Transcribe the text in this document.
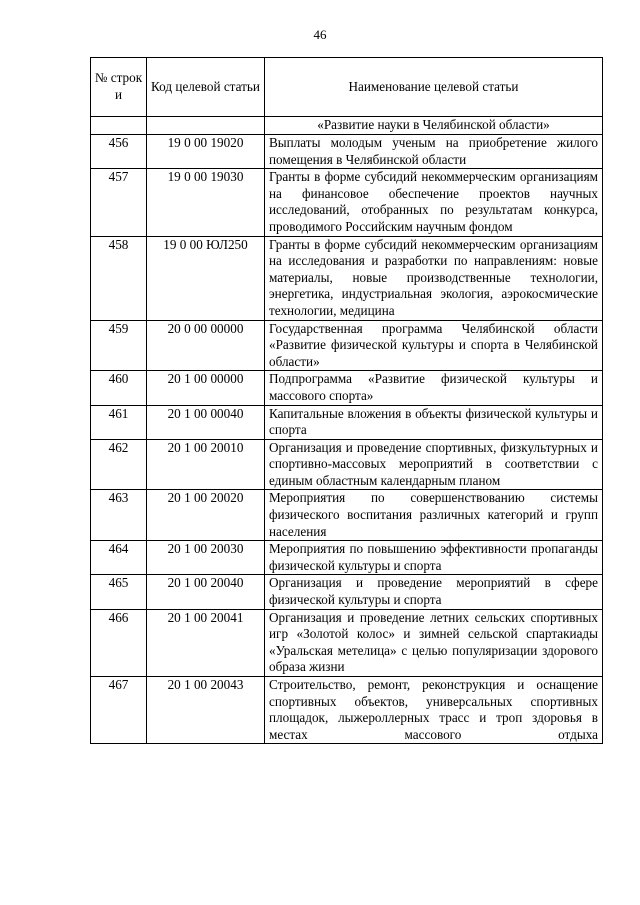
46
№ строк и	Код целевой статьи	Наименование целевой статьи
		«Развитие науки в Челябинской области»
456	19 0 00 19020	Выплаты молодым ученым на приобретение жилого помещения в Челябинской области

457	19 0 00 19030	Гранты в форме субсидий некоммерческим организациям на финансовое обеспечение проектов научных исследований, отобранных по результатам конкурса, проводимого Российским научным фондом

458	19 0 00 ЮЛ250	Гранты в форме субсидий некоммерческим организациям на исследования и разработки по направлениям: новые материалы, новые производственные технологии, энергетика, индустриальная экология, аэрокосмические технологии, медицина

459	20 0 00 00000	Государственная программа Челябинской области «Развитие физической культуры и спорта в Челябинской области»

460	20 1 00 00000	Подпрограмма «Развитие физической культуры и массового спорта»

461	20 1 00 00040	Капитальные вложения в объекты физической культуры и спорта

462	20 1 00 20010	Организация и проведение спортивных, физкультурных и спортивно-массовых мероприятий в соответствии с единым областным календарным планом

463	20 1 00 20020	Мероприятия по совершенствованию системы физического воспитания различных категорий и групп населения

464	20 1 00 20030	Мероприятия по повышению эффективности пропаганды физической культуры и спорта

465	20 1 00 20040	Организация и проведение мероприятий в сфере физической культуры и спорта

466	20 1 00 20041	Организация и проведение летних сельских спортивных игр «Золотой колос» и зимней сельской спартакиады «Уральская метелица» с целью популяризации здорового образа жизни

467	20 1 00 20043	Строительство, ремонт, реконструкция и оснащение спортивных объектов, универсальных спортивных площадок, лыжероллерных трасс и троп здоровья в местах массового отдыха
